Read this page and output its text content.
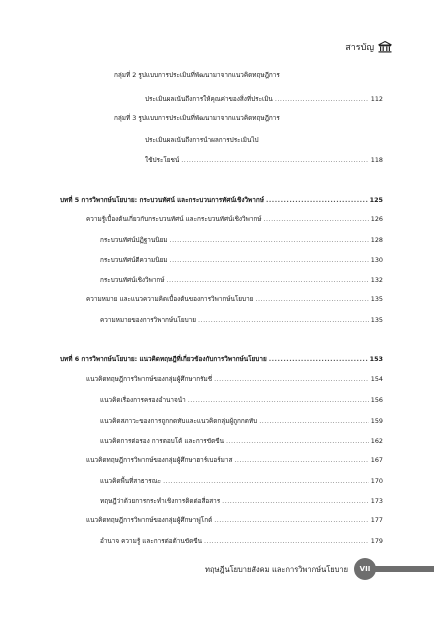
สารบัญ
กลุ่มที่ 2 รูปแบบการประเมินที่พัฒนามาจากแนวคิดทฤษฎีการ
ประเมินผลเน้นถึงการให้คุณค่าของสิ่งที่ประเมิน .....	112
กลุ่มที่ 3 รูปแบบการประเมินที่พัฒนามาจากแนวคิดทฤษฎีการ
ประเมินผลเน้นถึงการนำผลการประเมินไป
ใช้ประโยชน์ .....	118
บทที่ 5 การวิพากษ์นโยบาย: กระบวนทัศน์ และกระบวนการทัศน์เชิงวิพากษ์ .....	125
ความรู้เบื้องต้นเกี่ยวกับกระบวนทัศน์ และกระบวนทัศน์เชิงวิพากษ์ .....	126
กระบวนทัศน์ปฏิฐานนิยม .....	128
กระบวนทัศน์ตีความนิยม .....	130
กระบวนทัศน์เชิงวิพากษ์ .....	132
ความหมาย และแนวความคิดเบื้องต้นของการวิพากษ์นโยบาย .....	135
ความหมายของการวิพากษ์นโยบาย .....	135
บทที่ 6 การวิพากษ์นโยบาย: แนวคิดทฤษฎีที่เกี่ยวข้องกับการวิพากษ์นโยบาย .....	153
แนวคิดทฤษฎีการวิพากษ์ของกลุ่มผู้ศึกษากรัมชี่ .....	154
แนวคิดเรื่องการครองอำนาจนำ .....	156
แนวคิดสภาวะของการถูกกดทับและแนวคิดกลุ่มผู้ถูกกดทับ .....	159
แนวคิดการต่อรอง การตอบโต้ และการขัดขืน .....	162
แนวคิดทฤษฎีการวิพากษ์ของกลุ่มผู้ศึกษาฮาร์เบอร์มาส .....	167
แนวคิดพื้นที่สาธารณะ .....	170
ทฤษฎีว่าด้วยการกระทำเชิงการติดต่อสื่อสาร .....	173
แนวคิดทฤษฎีการวิพากษ์ของกลุ่มผู้ศึกษาฟูโกต์ .....	177
อำนาจ ความรู้ และการต่อต้านขัดขืน .....	179
ทฤษฎีนโยบายสังคม และการวิพากษ์นโยบาย VII
